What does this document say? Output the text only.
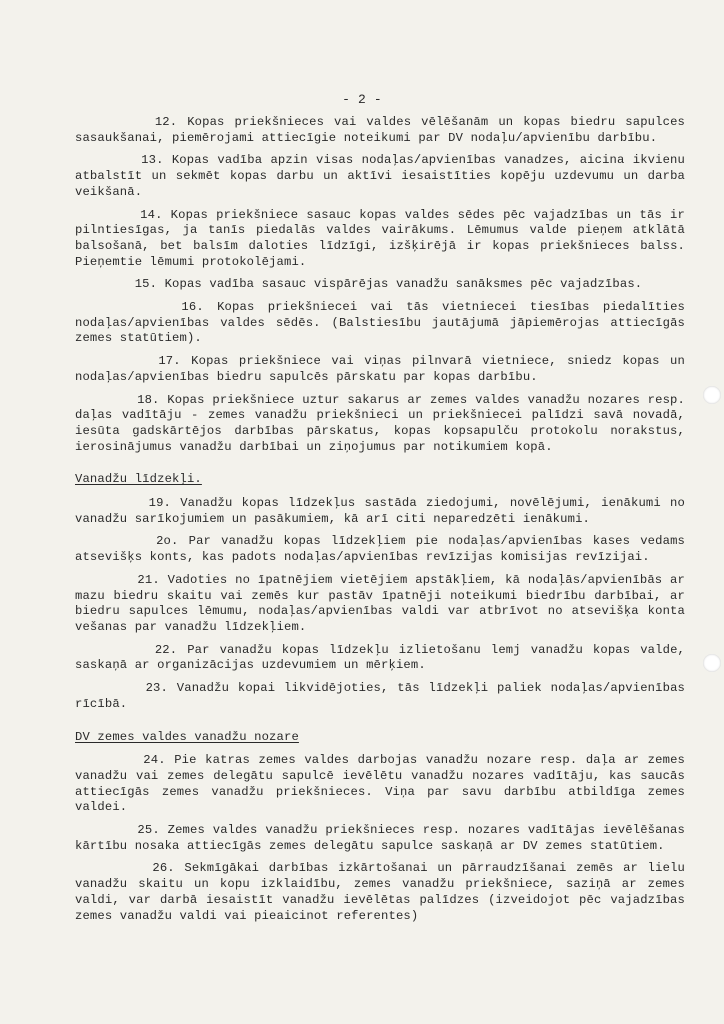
- 2 -

12. Kopas priekšnieces vai valdes vēlēšanām un kopas biedru sapulces sasaukšanai, piemērojami attiecīgie noteikumi par DV nodaļu/apvienību darbību.

13. Kopas vadība apzin visas nodaļas/apvienības vanadzes, aicina ikvienu atbalstīt un sekmēt kopas darbu un aktīvi iesaistīties kopēju uzdevumu un darba veikšanā.

14. Kopas priekšniece sasauc kopas valdes sēdes pēc vajadzības un tās ir pilntiesīgas, ja tanīs piedalās valdes vairākums. Lēmumus valde pieņem atklātā balsošanā, bet balsīm daloties līdzīgi, izšķirējā ir kopas priekšnieces balss. Pieņemtie lēmumi protokolējami.

15. Kopas vadība sasauc vispārējas vanadžu sanāksmes pēc vajadzības.

16. Kopas priekšniecei vai tās vietniecei tiesības piedalīties nodaļas/apvienības valdes sēdēs. (Balstiesību jautājumā jāpiemērojas attiecīgās zemes statūtiem).

17. Kopas priekšniece vai viņas pilnvarā vietniece, sniedz kopas un nodaļas/apvienības biedru sapulcēs pārskatu par kopas darbību.

18. Kopas priekšniece uztur sakarus ar zemes valdes vanadžu nozares resp. daļas vadītāju - zemes vanadžu priekšnieci un priekšniecei palīdzi savā novadā, iesūta gadskārtējos darbības pārskatus, kopas kopsapulču protokolu norakstus, ierosinājumus vanadžu darbībai un ziņojumus par notikumiem kopā.

Vanadžu līdzekļi.

19. Vanadžu kopas līdzekļus sastāda ziedojumi, novēlējumi, ienākumi no vanadžu sarīkojumiem un pasākumiem, kā arī citi neparedzēti ienākumi.

2o. Par vanadžu kopas līdzekļiem pie nodaļas/apvienības kases vedams atsevišķs konts, kas padots nodaļas/apvienības revīzijas komisijas revīzijai.

21. Vadoties no īpatnējiem vietējiem apstākļiem, kā nodaļās/apvienībās ar mazu biedru skaitu vai zemēs kur pastāv īpatnēji noteikumi biedrību darbībai, ar biedru sapulces lēmumu, nodaļas/apvienības valdi var atbrīvot no atsevišķa konta vešanas par vanadžu līdzekļiem.

22. Par vanadžu kopas līdzekļu izlietošanu lemj vanadžu kopas valde, saskaņā ar organizācijas uzdevumiem un mērķiem.

23. Vanadžu kopai likvidējoties, tās līdzekļi paliek nodaļas/apvienības rīcībā.

DV zemes valdes vanadžu nozare

24. Pie katras zemes valdes darbojas vanadžu nozare resp. daļa ar zemes vanadžu vai zemes delegātu sapulcē ievēlētu vanadžu nozares vadītāju, kas saucās attiecīgās zemes vanadžu priekšnieces. Viņa par savu darbību atbildīga zemes valdei.

25. Zemes valdes vanadžu priekšnieces resp. nozares vadītājas ievēlēšanas kārtību nosaka attiecīgās zemes delegātu sapulce saskaņā ar DV zemes statūtiem.

26. Sekmīgākai darbības izkārtošanai un pārraudzīšanai zemēs ar lielu vanadžu skaitu un kopu izklaidību, zemes vanadžu priekšniece, saziņā ar zemes valdi, var darbā iesaistīt vanadžu ievēlētas palīdzes (izveidojot pēc vajadzības zemes vanadžu valdi vai pieaicinot referentes)
